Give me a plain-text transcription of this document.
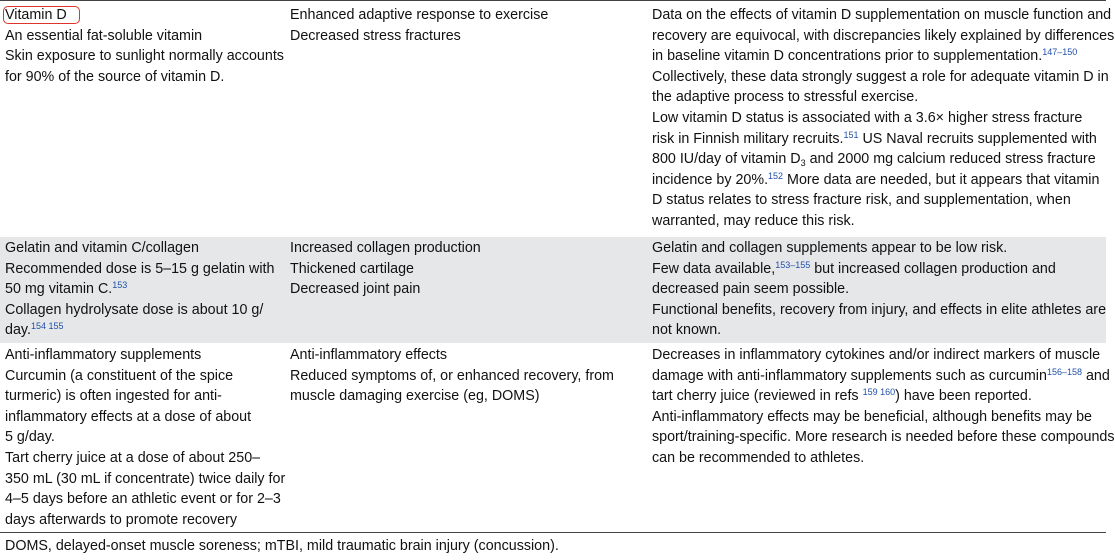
Vitamin D
An essential fat-soluble vitamin
Skin exposure to sunlight normally accounts
for 90% of the source of vitamin D.
Enhanced adaptive response to exercise
Decreased stress fractures
Data on the effects of vitamin D supplementation on muscle function and
recovery are equivocal, with discrepancies likely explained by differences
in baseline vitamin D concentrations prior to supplementation.$^{147-150}$
Collectively, these data strongly suggest a role for adequate vitamin D in
the adaptive process to stressful exercise.
Low vitamin D status is associated with a 3.6× higher stress fracture
risk in Finnish military recruits.$^{151}$ US Naval recruits supplemented with
800 IU/day of vitamin $D_3$ and 2000 mg calcium reduced stress fracture
incidence by 20%.$^{152}$ More data are needed, but it appears that vitamin
D status relates to stress fracture risk, and supplementation, when
warranted, may reduce this risk.
Gelatin and vitamin C/collagen
Recommended dose is 5–15 g gelatin with
50 mg vitamin C.$^{153}$
Collagen hydrolysate dose is about 10 g/
day.$^{154 155}$
Increased collagen production
Thickened cartilage
Decreased joint pain
Gelatin and collagen supplements appear to be low risk.
Few data available,$^{153-155}$ but increased collagen production and
decreased pain seem possible.
Functional benefits, recovery from injury, and effects in elite athletes are
not known.
Anti-inflammatory supplements
Curcumin (a constituent of the spice
turmeric) is often ingested for anti-
inflammatory effects at a dose of about
5 g/day.
Tart cherry juice at a dose of about 250–
350 mL (30 mL if concentrate) twice daily for
4–5 days before an athletic event or for 2–3
days afterwards to promote recovery
Anti-inflammatory effects
Reduced symptoms of, or enhanced recovery, from
muscle damaging exercise (eg, DOMS)
Decreases in inflammatory cytokines and/or indirect markers of muscle
damage with anti-inflammatory supplements such as curcumin$^{156-158}$ and
tart cherry juice (reviewed in refs $^{159 160}$) have been reported.
Anti-inflammatory effects may be beneficial, although benefits may be
sport/training-specific. More research is needed before these compounds
can be recommended to athletes.
DOMS, delayed-onset muscle soreness; mTBI, mild traumatic brain injury (concussion).
